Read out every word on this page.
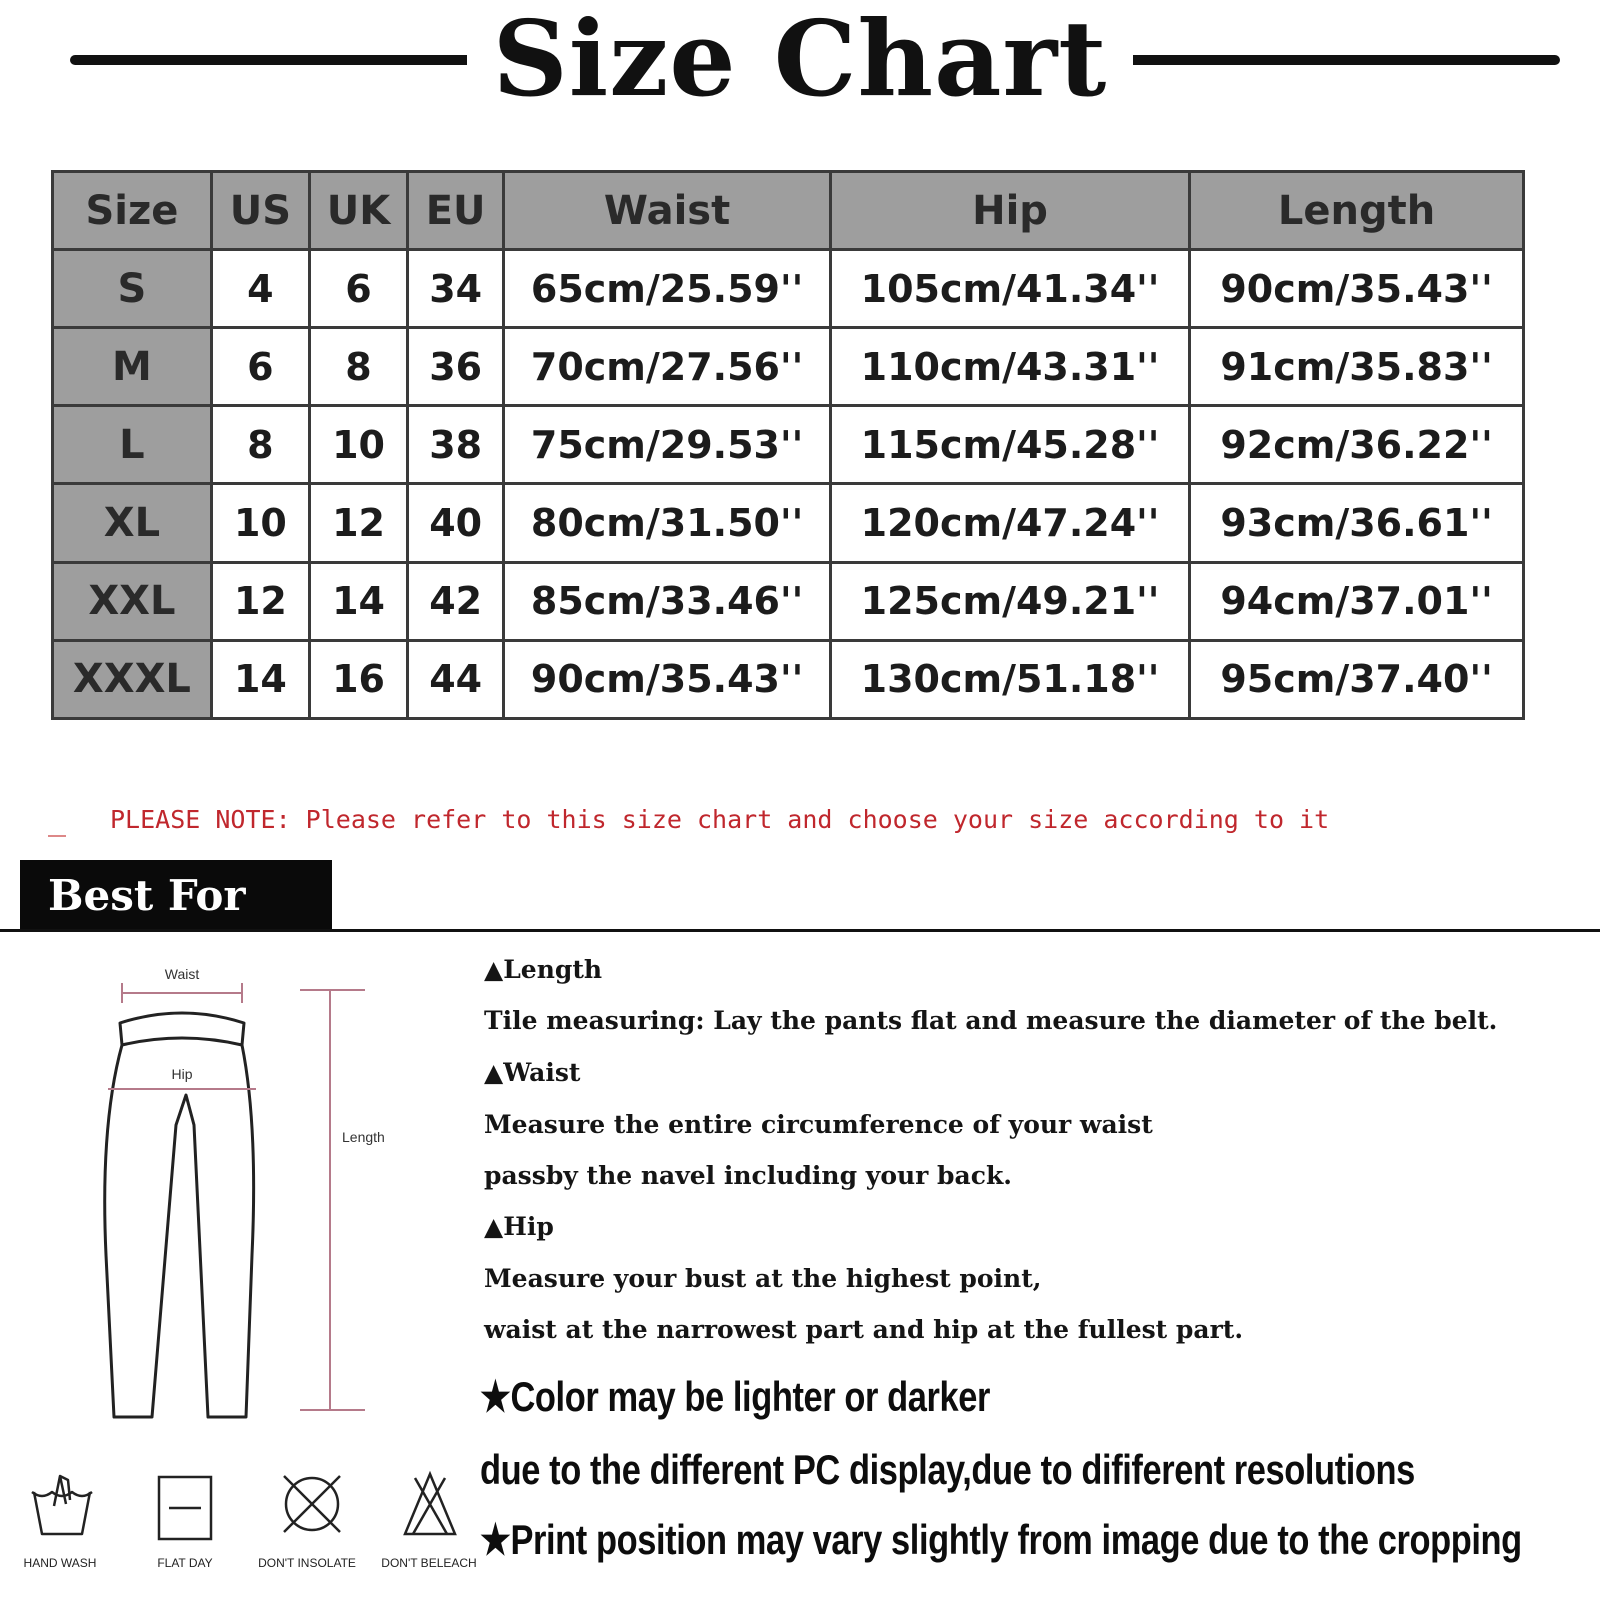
Size Chart
Size	US	UK	EU	Waist	Hip	Length
S	4	6	34	65cm/25.59''	105cm/41.34''	90cm/35.43''
M	6	8	36	70cm/27.56''	110cm/43.31''	91cm/35.83''
L	8	10	38	75cm/29.53''	115cm/45.28''	92cm/36.22''
XL	10	12	40	80cm/31.50''	120cm/47.24''	93cm/36.61''
XXL	12	14	42	85cm/33.46''	125cm/49.21''	94cm/37.01''
XXXL	14	16	44	90cm/35.43''	130cm/51.18''	95cm/37.40''
PLEASE NOTE: Please refer to this size chart and choose your size according to it
Best For You	Waist
Hip
Length
▲Length
Tile measuring: Lay the pants flat and measure the diameter of the belt.
▲Waist
Measure the entire circumference of your waist
passby the navel including your back.
▲Hip
Measure your bust at the highest point,
waist at the narrowest part and hip at the fullest part.
★Color may be lighter or darker
due to the different PC display,due to dififerent resolutions
★Print position may vary slightly from image due to the cropping
HAND WASH	FLAT DAY	DON'T INSOLATE	DON'T BELEACH
